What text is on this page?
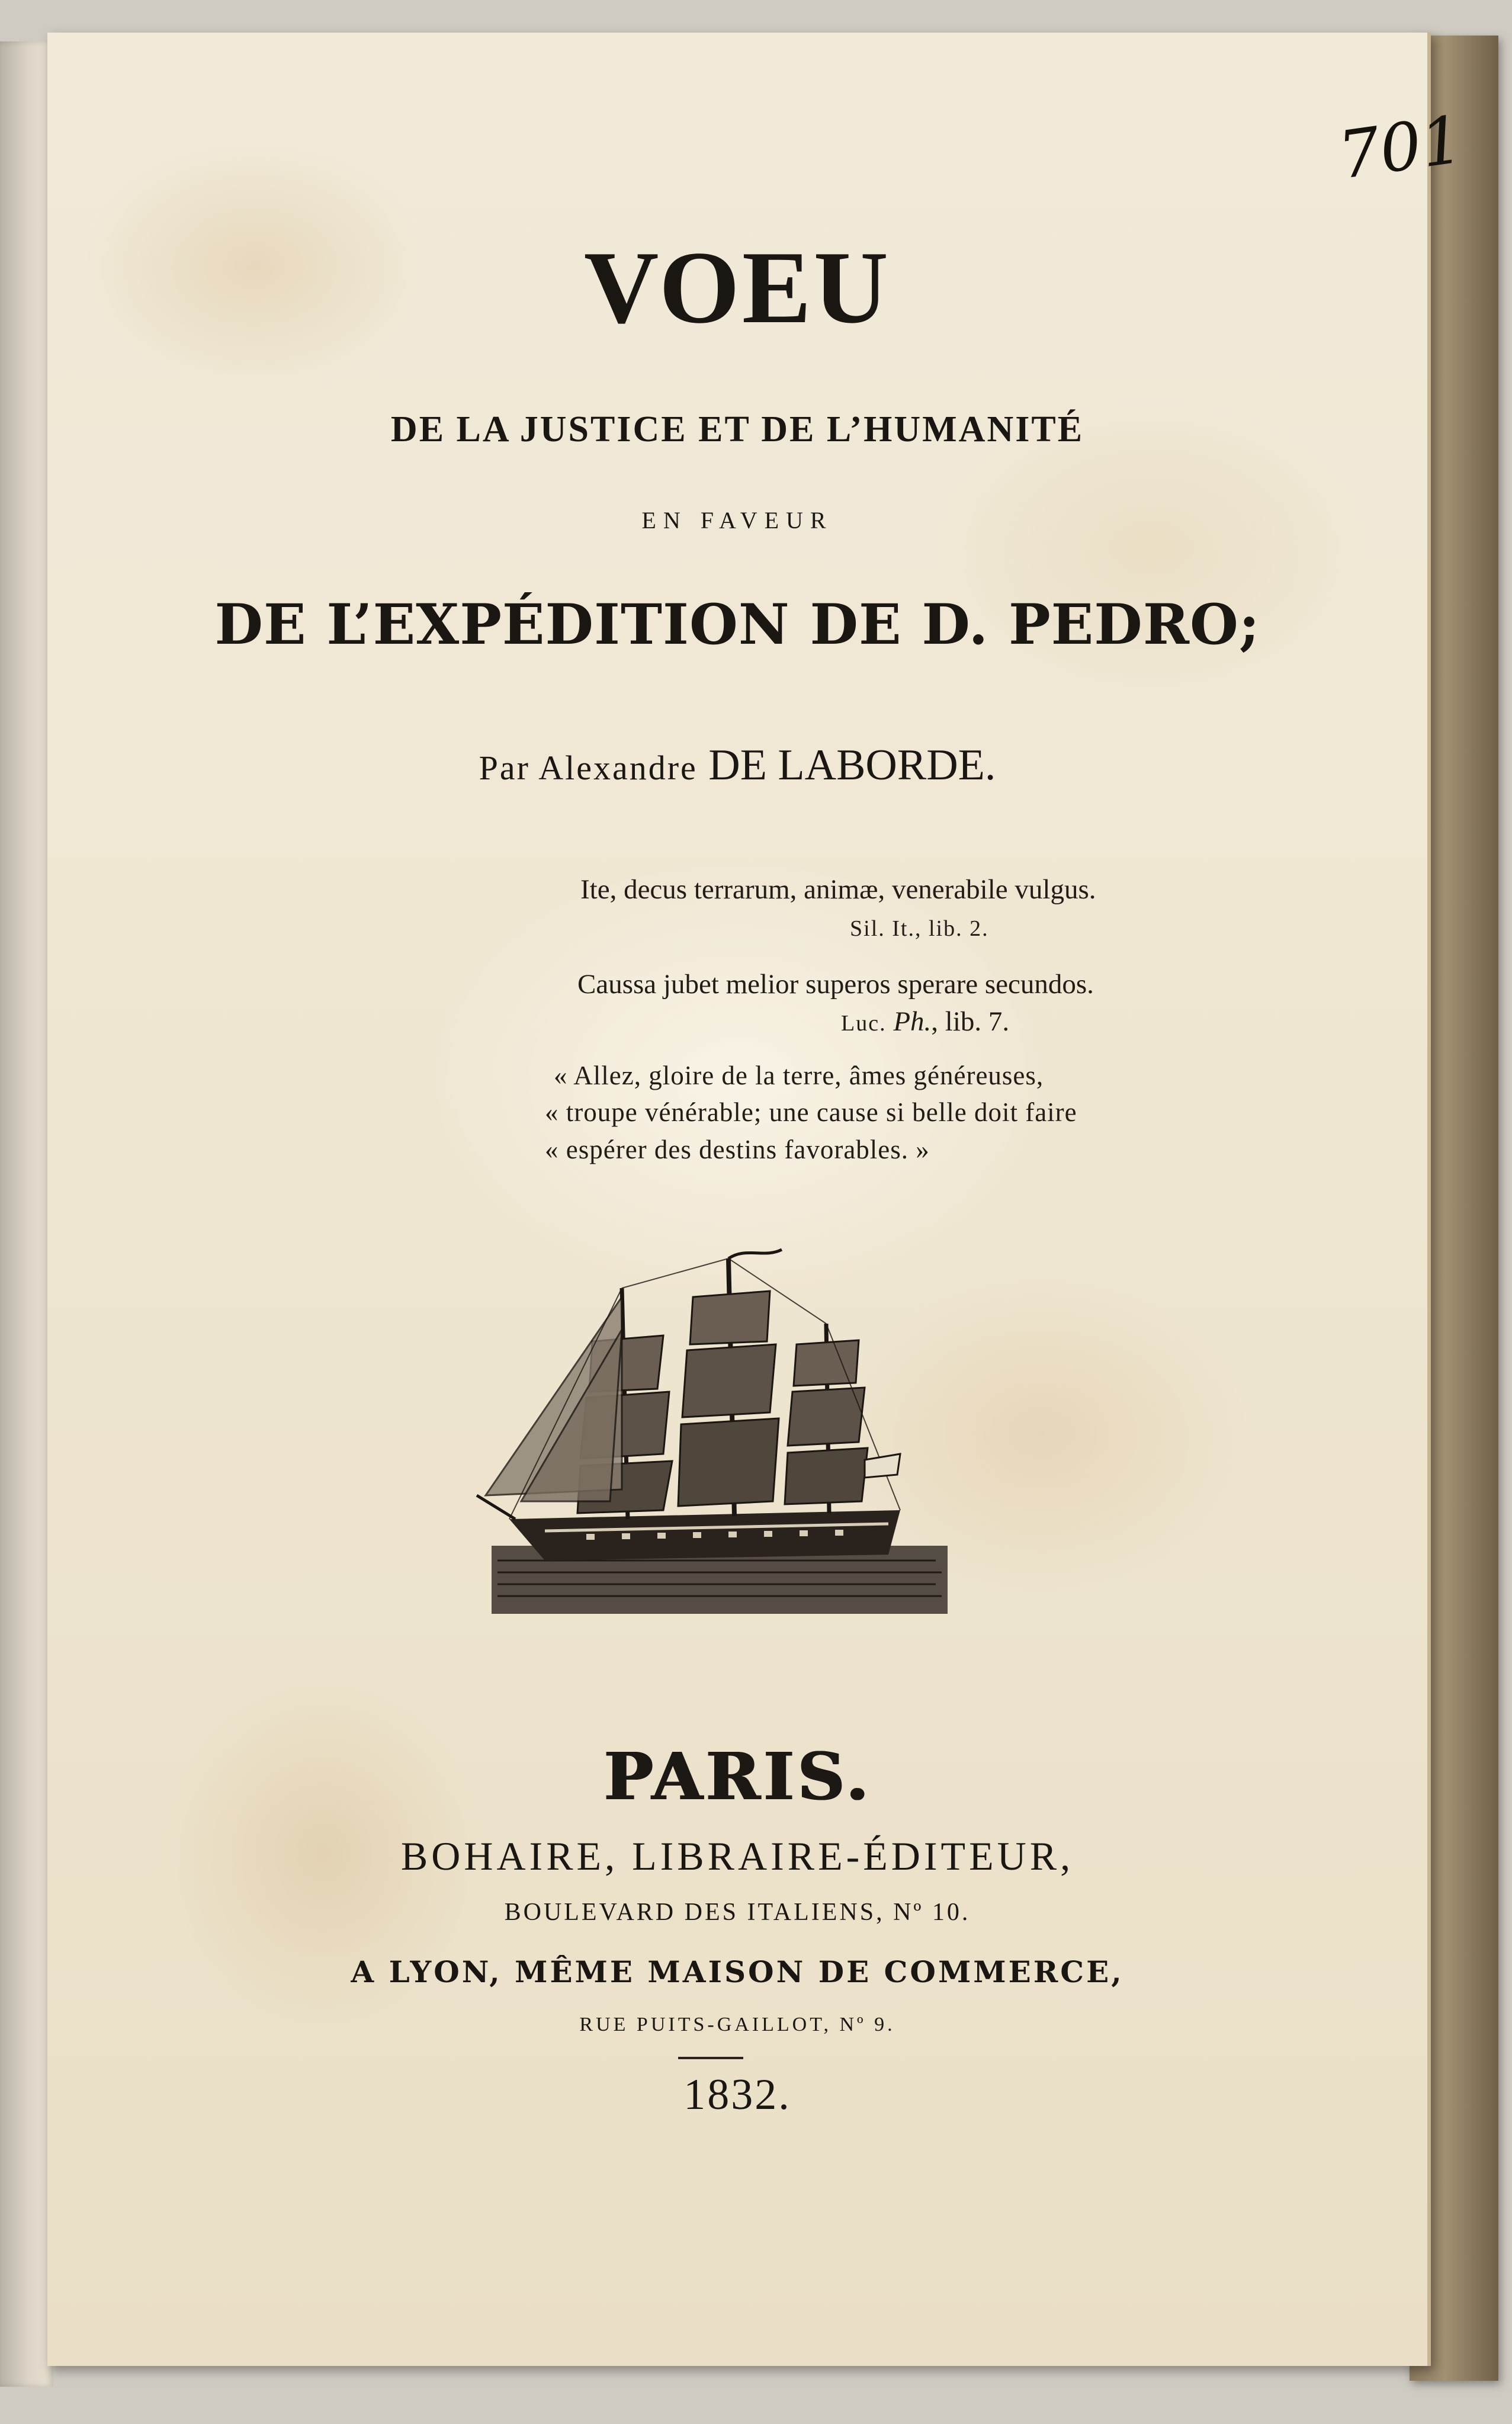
701
VOEU
DE LA JUSTICE ET DE L’HUMANITÉ
EN FAVEUR
DE L’EXPÉDITION DE D. PEDRO;
Par Alexandre DE LABORDE.
Ite, decus terrarum, animæ, venerabile vulgus.
Sil. It., lib. 2.
Caussa jubet melior superos sperare secundos.
Luc. Ph., lib. 7.
« Allez, gloire de la terre, âmes généreuses,
« troupe vénérable; une cause si belle doit faire
« espérer des destins favorables. »
PARIS.
BOHAIRE, LIBRAIRE-ÉDITEUR,
BOULEVARD DES ITALIENS, Nº 10.
A LYON, MÊME MAISON DE COMMERCE,
RUE PUITS-GAILLOT, Nº 9.
1832.
